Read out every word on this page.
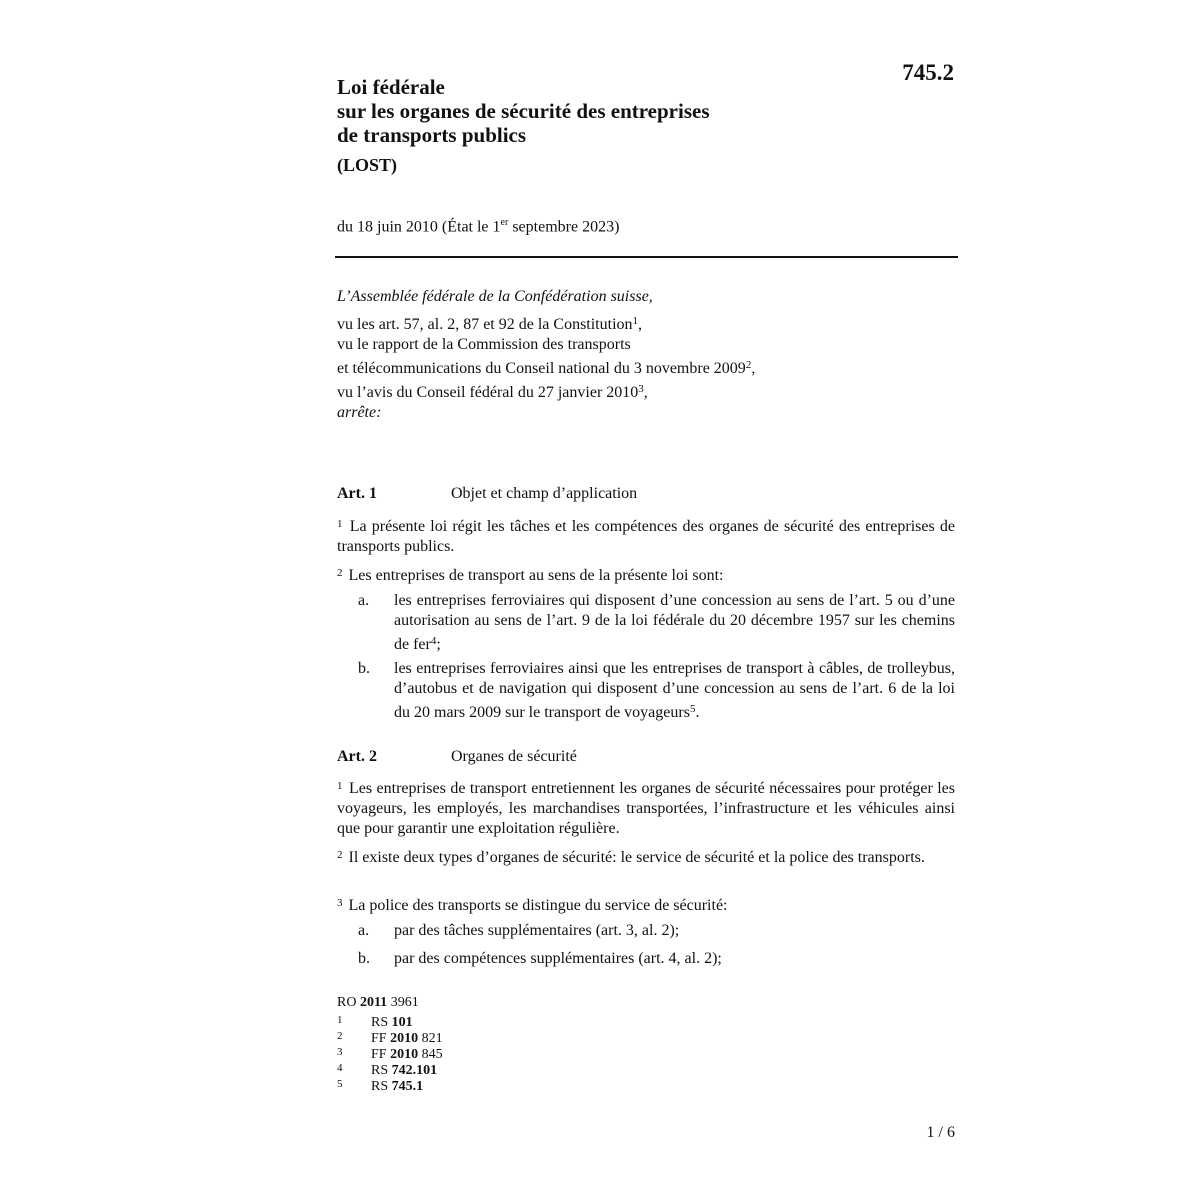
745.2
Loi fédérale
sur les organes de sécurité des entreprises
de transports publics
(LOST)
du 18 juin 2010 (État le 1er septembre 2023)
L’Assemblée fédérale de la Confédération suisse,
vu les art. 57, al. 2, 87 et 92 de la Constitution$^1$,
vu le rapport de la Commission des transports
et télécommunications du Conseil national du 3 novembre 2009$^2$,
vu l’avis du Conseil fédéral du 27 janvier 2010$^3$,
arrête:
Art. 1	Objet et champ d’application
$^1$ La présente loi régit les tâches et les compétences des organes de sécurité des entreprises de transports publics.
$^2$ Les entreprises de transport au sens de la présente loi sont:
a. les entreprises ferroviaires qui disposent d’une concession au sens de l’art. 5 ou d’une autorisation au sens de l’art. 9 de la loi fédérale du 20 décembre 1957 sur les chemins de fer$^4$;
b. les entreprises ferroviaires ainsi que les entreprises de transport à câbles, de trolleybus, d’autobus et de navigation qui disposent d’une concession au sens de l’art. 6 de la loi du 20 mars 2009 sur le transport de voyageurs$^5$.
Art. 2	Organes de sécurité
$^1$ Les entreprises de transport entretiennent les organes de sécurité nécessaires pour protéger les voyageurs, les employés, les marchandises transportées, l’infrastructure et les véhicules ainsi que pour garantir une exploitation régulière.
$^2$ Il existe deux types d’organes de sécurité: le service de sécurité et la police des transports.
$^3$ La police des transports se distingue du service de sécurité:
a. par des tâches supplémentaires (art. 3, al. 2);
b. par des compétences supplémentaires (art. 4, al. 2);
RO 2011 3961
1 RS 101
2 FF 2010 821
3 FF 2010 845
4 RS 742.101
5 RS 745.1
1 / 6
